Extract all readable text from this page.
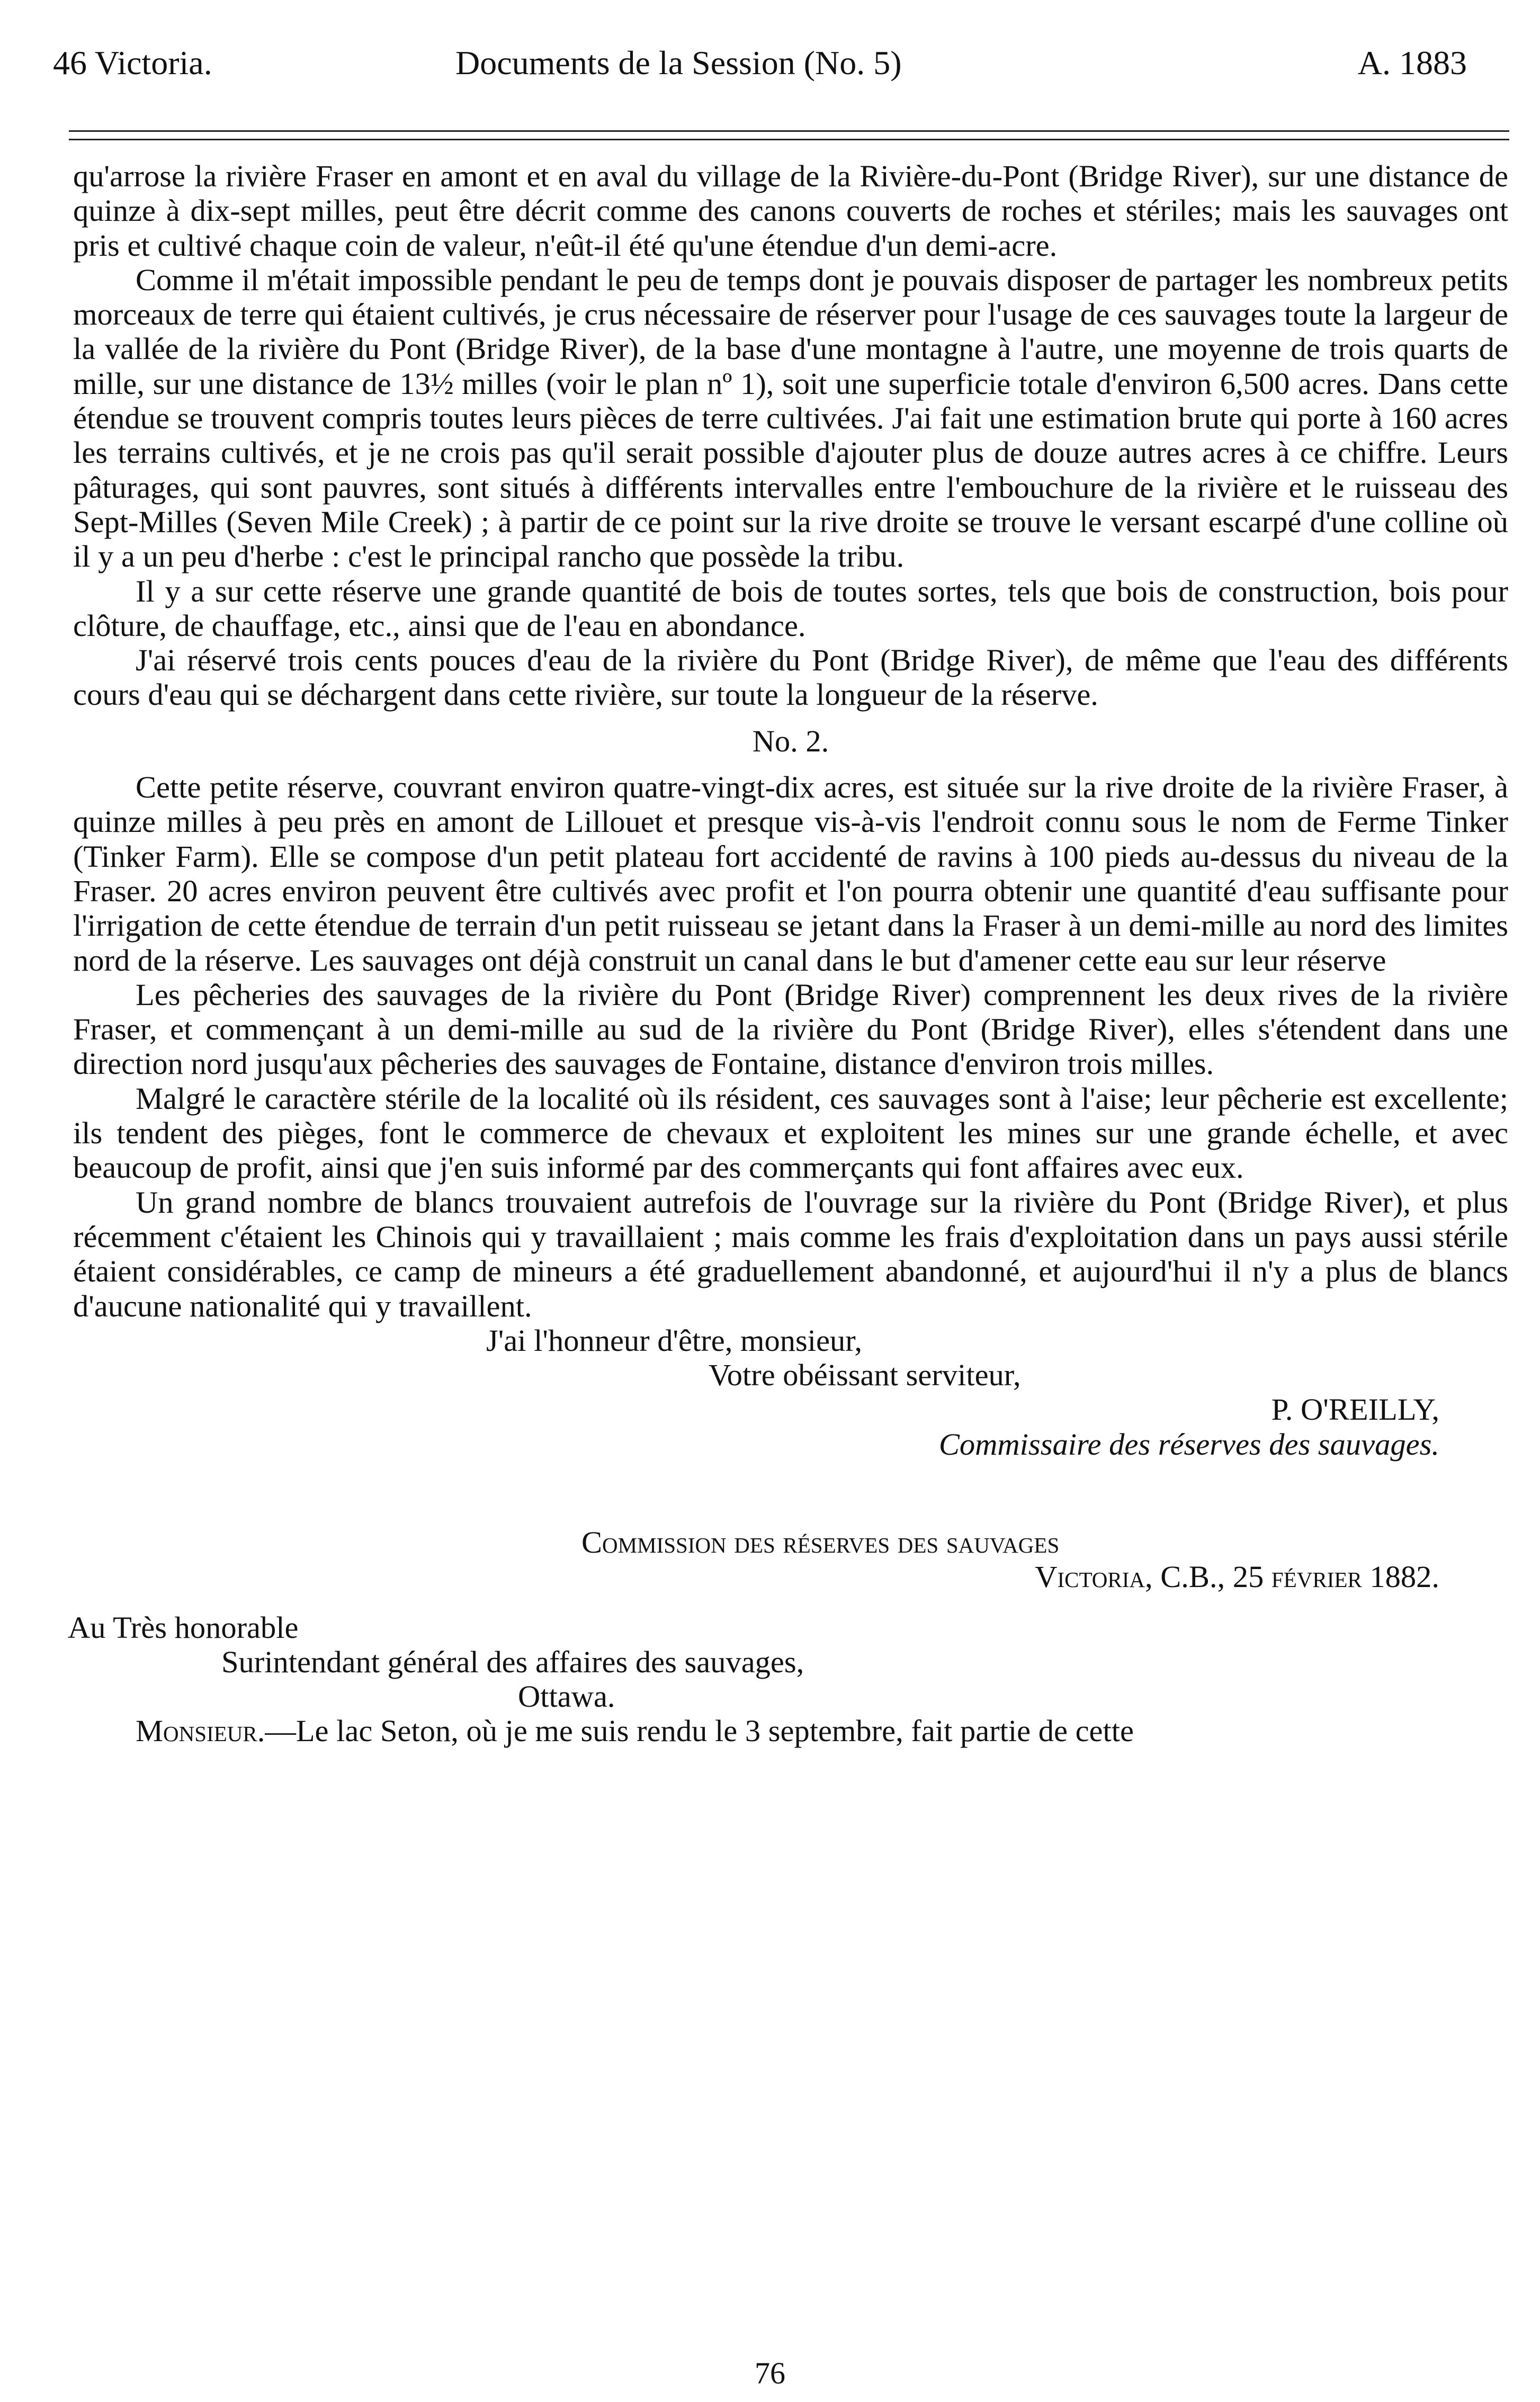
46 Victoria.	Documents de la Session (No. 5)	A. 1883

qu'arrose la rivière Fraser en amont et en aval du village de la Rivière-du-Pont (Bridge River), sur une distance de quinze à dix-sept milles, peut être décrit comme des canons couverts de roches et stériles; mais les sauvages ont pris et cultivé chaque coin de valeur, n'eût-il été qu'une étendue d'un demi-acre.

Comme il m'était impossible pendant le peu de temps dont je pouvais disposer de partager les nombreux petits morceaux de terre qui étaient cultivés, je crus nécessaire de réserver pour l'usage de ces sauvages toute la largeur de la vallée de la rivière du Pont (Bridge River), de la base d'une montagne à l'autre, une moyenne de trois quarts de mille, sur une distance de 13½ milles (voir le plan nº 1), soit une superficie totale d'environ 6,500 acres. Dans cette étendue se trouvent compris toutes leurs pièces de terre cultivées. J'ai fait une estimation brute qui porte à 160 acres les terrains cultivés, et je ne crois pas qu'il serait possible d'ajouter plus de douze autres acres à ce chiffre. Leurs pâturages, qui sont pauvres, sont situés à différents intervalles entre l'embouchure de la rivière et le ruisseau des Sept-Milles (Seven Mile Creek) ; à partir de ce point sur la rive droite se trouve le versant escarpé d'une colline où il y a un peu d'herbe : c'est le principal rancho que possède la tribu.

Il y a sur cette réserve une grande quantité de bois de toutes sortes, tels que bois de construction, bois pour clôture, de chauffage, etc., ainsi que de l'eau en abondance.

J'ai réservé trois cents pouces d'eau de la rivière du Pont (Bridge River), de même que l'eau des différents cours d'eau qui se déchargent dans cette rivière, sur toute la longueur de la réserve.

No. 2.

Cette petite réserve, couvrant environ quatre-vingt-dix acres, est située sur la rive droite de la rivière Fraser, à quinze milles à peu près en amont de Lillouet et presque vis-à-vis l'endroit connu sous le nom de Ferme Tinker (Tinker Farm). Elle se compose d'un petit plateau fort accidenté de ravins à 100 pieds au-dessus du niveau de la Fraser. 20 acres environ peuvent être cultivés avec profit et l'on pourra obtenir une quantité d'eau suffisante pour l'irrigation de cette étendue de terrain d'un petit ruisseau se jetant dans la Fraser à un demi-mille au nord des limites nord de la réserve. Les sauvages ont déjà construit un canal dans le but d'amener cette eau sur leur réserve

Les pêcheries des sauvages de la rivière du Pont (Bridge River) comprennent les deux rives de la rivière Fraser, et commençant à un demi-mille au sud de la rivière du Pont (Bridge River), elles s'étendent dans une direction nord jusqu'aux pêcheries des sauvages de Fontaine, distance d'environ trois milles.

Malgré le caractère stérile de la localité où ils résident, ces sauvages sont à l'aise; leur pêcherie est excellente; ils tendent des pièges, font le commerce de chevaux et exploitent les mines sur une grande échelle, et avec beaucoup de profit, ainsi que j'en suis informé par des commerçants qui font affaires avec eux.

Un grand nombre de blancs trouvaient autrefois de l'ouvrage sur la rivière du Pont (Bridge River), et plus récemment c'étaient les Chinois qui y travaillaient ; mais comme les frais d'exploitation dans un pays aussi stérile étaient considérables, ce camp de mineurs a été graduellement abandonné, et aujourd'hui il n'y a plus de blancs d'aucune nationalité qui y travaillent.

J'ai l'honneur d'être, monsieur,
Votre obéissant serviteur,
P. O'REILLY,
Commissaire des réserves des sauvages.
Commission des réserves des sauvages
Victoria, C.B., 25 février 1882.
Au Très honorable
Surintendant général des affaires des sauvages,
Ottawa.

Monsieur.—Le lac Seton, où je me suis rendu le 3 septembre, fait partie de cette

76
